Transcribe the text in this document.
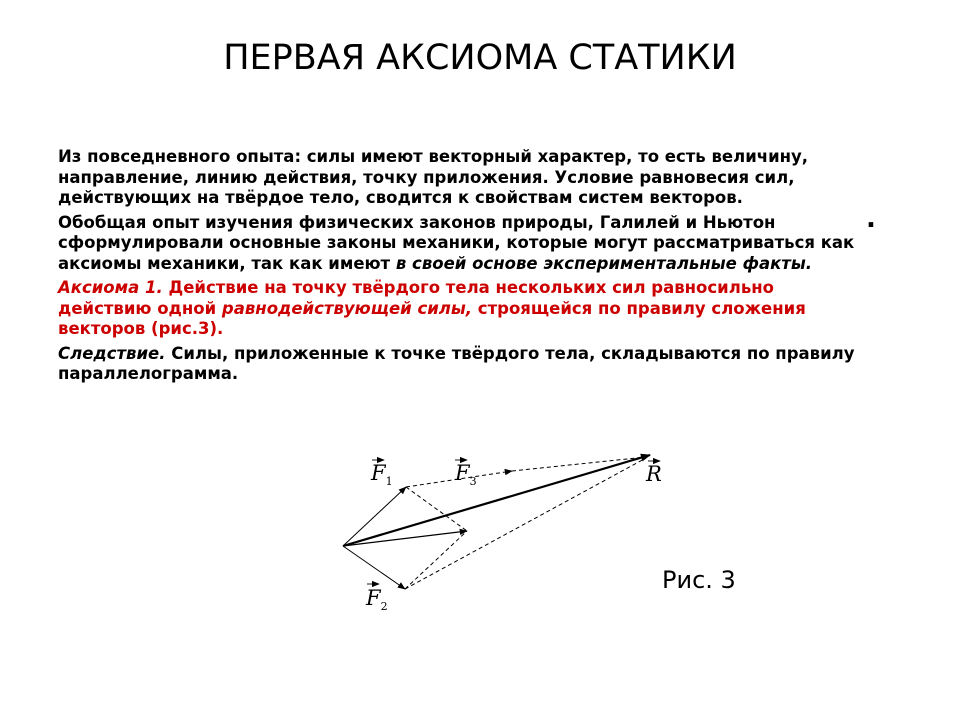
ПЕРВАЯ АКСИОМА СТАТИКИ

Из повседневного опыта: силы имеют векторный характер, то есть величину, направление, линию действия, точку приложения. Условие равновесия сил, действующих на твёрдое тело, сводится к свойствам систем векторов.

Обобщая опыт изучения физических законов природы, Галилей и Ньютон сформулировали основные законы механики, которые могут рассматриваться как аксиомы механики, так как имеют в своей основе экспериментальные факты.

Аксиома 1. Действие на точку твёрдого тела нескольких сил равносильно действию одной равнодействующей силы, строящейся по правилу сложения векторов (рис.3).

Следствие. Силы, приложенные к точке твёрдого тела, складываются по правилу параллелограмма.

.
$F_1$	$F_3$	R
$F_2$
Рис. 3
